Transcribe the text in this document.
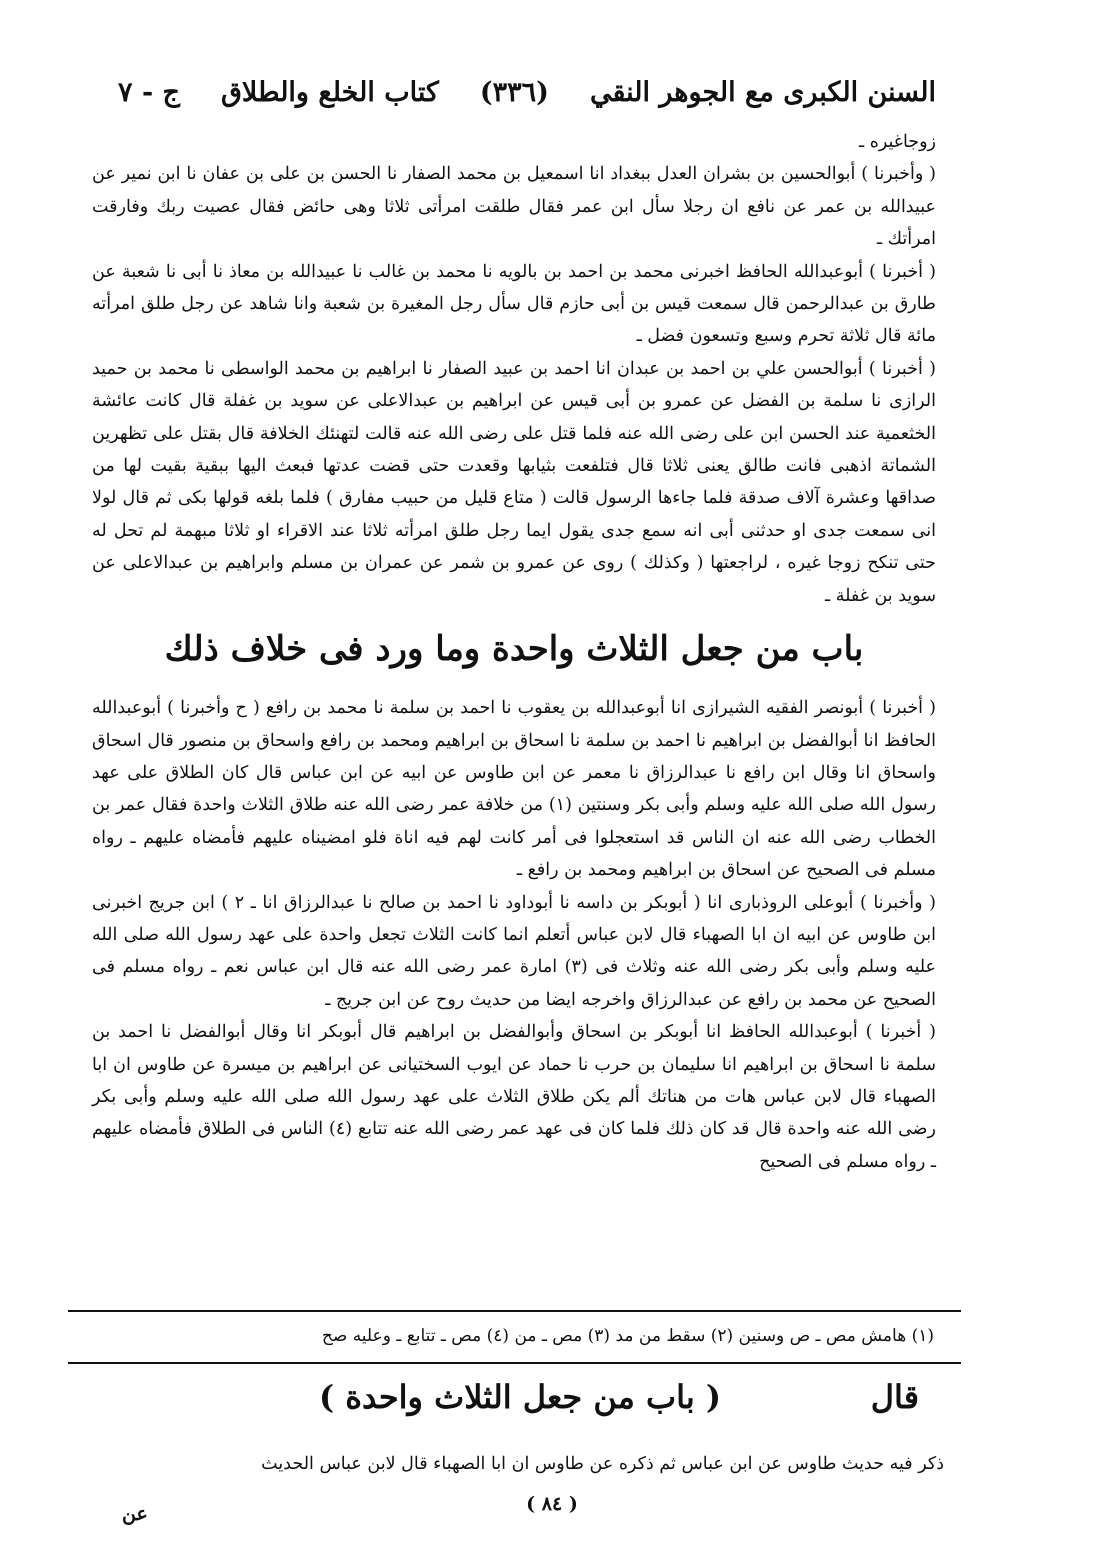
السنن الكبرى مع الجوهر النقي
(٣٣٦)
كتاب الخلع والطلاق
ج - ٧

زوجاغيره ـ

( وأخبرنا ) أبوالحسين بن بشران العدل ببغداد انا اسمعيل بن محمد الصفار نا الحسن بن على بن عفان نا ابن نمير عن عبيدالله بن عمر عن نافع ان رجلا سأل ابن عمر فقال طلقت امرأتى ثلاثا وهى حائض فقال عصيت ربك وفارقت امرأتك ـ

( أخبرنا ) أبوعبدالله الحافظ اخبرنى محمد بن احمد بن بالويه نا محمد بن غالب نا عبيدالله بن معاذ نا أبى نا شعبة عن طارق بن عبدالرحمن قال سمعت قيس بن أبى حازم قال سأل رجل المغيرة بن شعبة وانا شاهد عن رجل طلق امرأته مائة قال ثلاثة تحرم وسبع وتسعون فضل ـ

( أخبرنا ) أبوالحسن علي بن احمد بن عبدان انا احمد بن عبيد الصفار نا ابراهيم بن محمد الواسطى نا محمد بن حميد الرازى نا سلمة بن الفضل عن عمرو بن أبى قيس عن ابراهيم بن عبدالاعلى عن سويد بن غفلة قال كانت عائشة الخثعمية عند الحسن ابن على رضى الله عنه فلما قتل على رضى الله عنه قالت لتهنئك الخلافة قال بقتل على تظهرين الشماتة اذهبى فانت طالق يعنى ثلاثا قال فتلفعت بثيابها وقعدت حتى قضت عدتها فبعث اليها ببقية بقيت لها من صداقها وعشرة آلاف صدقة فلما جاءها الرسول قالت ( متاع قليل من حبيب مفارق ) فلما بلغه قولها بكى ثم قال لولا انى سمعت جدى او حدثنى أبى انه سمع جدى يقول ايما رجل طلق امرأته ثلاثا عند الاقراء او ثلاثا مبهمة لم تحل له حتى تنكح زوجا غيره ، لراجعتها ( وكذلك ) روى عن عمرو بن شمر عن عمران بن مسلم وابراهيم بن عبدالاعلى عن سويد بن غفلة ـ

باب من جعل الثلاث واحدة وما ورد فى خلاف ذلك

( أخبرنا ) أبونصر الفقيه الشيرازى انا أبوعبدالله بن يعقوب نا احمد بن سلمة نا محمد بن رافع ( ح وأخبرنا ) أبوعبدالله الحافظ انا أبوالفضل بن ابراهيم نا احمد بن سلمة نا اسحاق بن ابراهيم ومحمد بن رافع واسحاق بن منصور قال اسحاق واسحاق انا وقال ابن رافع نا عبدالرزاق نا معمر عن ابن طاوس عن ابيه عن ابن عباس قال كان الطلاق على عهد رسول الله صلى الله عليه وسلم وأبى بكر وسنتين (١) من خلافة عمر رضى الله عنه طلاق الثلاث واحدة فقال عمر بن الخطاب رضى الله عنه ان الناس قد استعجلوا فى أمر كانت لهم فيه اناة فلو امضيناه عليهم فأمضاه عليهم ـ رواه مسلم فى الصحيح عن اسحاق بن ابراهيم ومحمد بن رافع ـ

( وأخبرنا ) أبوعلى الروذبارى انا ( أبوبكر بن داسه نا أبوداود نا احمد بن صالح نا عبدالرزاق انا ـ ٢ ) ابن جريج اخبرنى ابن طاوس عن ابيه ان ابا الصهباء قال لابن عباس أتعلم انما كانت الثلاث تجعل واحدة على عهد رسول الله صلى الله عليه وسلم وأبى بكر رضى الله عنه وثلاث فى (٣) امارة عمر رضى الله عنه قال ابن عباس نعم ـ رواه مسلم فى الصحيح عن محمد بن رافع عن عبدالرزاق واخرجه ايضا من حديث روح عن ابن جريج ـ

( أخبرنا ) أبوعبدالله الحافظ انا أبوبكر بن اسحاق وأبوالفضل بن ابراهيم قال أبوبكر انا وقال أبوالفضل نا احمد بن سلمة نا اسحاق بن ابراهيم انا سليمان بن حرب نا حماد عن ايوب السختيانى عن ابراهيم بن ميسرة عن طاوس ان ابا الصهباء قال لابن عباس هات من هناتك ألم يكن طلاق الثلاث على عهد رسول الله صلى الله عليه وسلم وأبى بكر رضى الله عنه واحدة قال قد كان ذلك فلما كان فى عهد عمر رضى الله عنه تتابع (٤) الناس فى الطلاق فأمضاه عليهم ـ رواه مسلم فى الصحيح

(١) هامش مص ـ ص وسنين (٢) سقط من مد (٣) مص ـ من (٤) مص ـ تتابع ـ وعليه صح
قال
( باب من جعل الثلاث واحدة )
ذكر فيه حديث طاوس عن ابن عباس ثم ذكره عن طاوس ان ابا الصهباء قال لابن عباس الحديث
( ٨٤ )
عن
